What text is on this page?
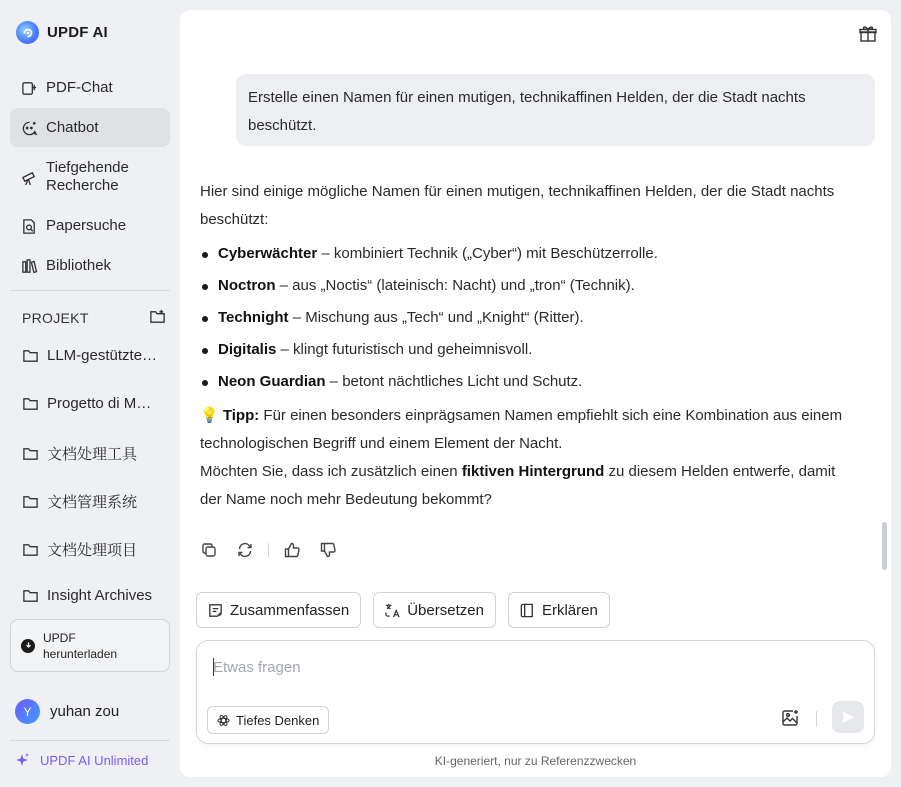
UPDF AI
PDF-Chat
Chatbot
Tiefgehende Recherche
Papersuche
Bibliothek
PROJEKT
LLM-gestützte…
Progetto di M…
文档处理工具
文档管理系统
文档处理项目
Insight Archives
UPDF
herunterladen
Y	yuhan zou
UPDF AI Unlimited
Erstelle einen Namen für einen mutigen, technikaffinen Helden, der die Stadt nachts beschützt.

Hier sind einige mögliche Namen für einen mutigen, technikaffinen Helden, der die Stadt nachts beschützt:

Cyberwächter – kombiniert Technik („Cyber“) mit Beschützerrolle.
Noctron – aus „Noctis“ (lateinisch: Nacht) und „tron“ (Technik).
Technight – Mischung aus „Tech“ und „Knight“ (Ritter).
Digitalis – klingt futuristisch und geheimnisvoll.
Neon Guardian – betont nächtliches Licht und Schutz.

💡 Tipp: Für einen besonders einprägsamen Namen empfiehlt sich eine Kombination aus einem technologischen Begriff und einem Element der Nacht.

Möchten Sie, dass ich zusätzlich einen fiktiven Hintergrund zu diesem Helden entwerfe, damit der Name noch mehr Bedeutung bekommt?

Zusammenfassen	Übersetzen	Erklären
Etwas fragen
Tiefes Denken
KI-generiert, nur zu Referenzzwecken
